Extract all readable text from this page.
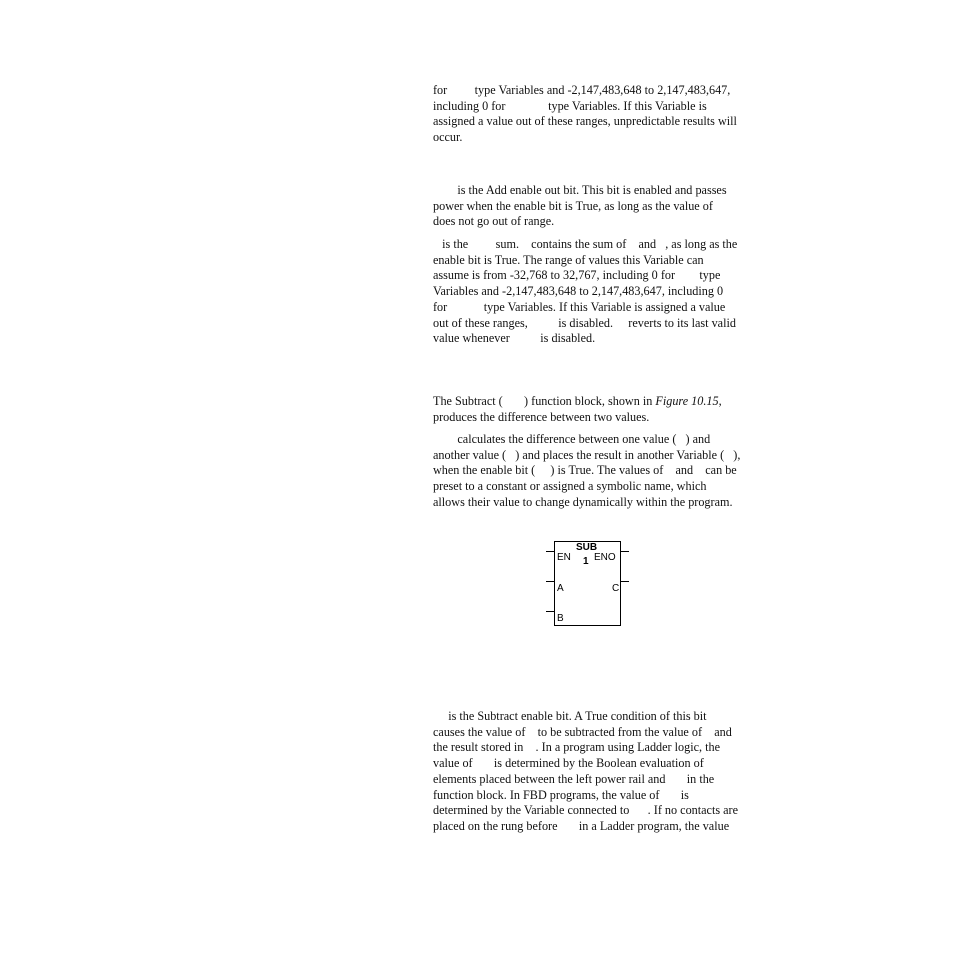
for         type Variables and -2,147,483,648 to 2,147,483,647,
including 0 for              type Variables. If this Variable is
assigned a value out of these ranges, unpredictable results will
occur.
is the Add enable out bit. This bit is enabled and passes
power when the enable bit is True, as long as the value of
does not go out of range.
is the         sum.    contains the sum of    and   , as long as the
enable bit is True. The range of values this Variable can
assume is from -32,768 to 32,767, including 0 for        type
Variables and -2,147,483,648 to 2,147,483,647, including 0
for            type Variables. If this Variable is assigned a value
out of these ranges,          is disabled.     reverts to its last valid
value whenever          is disabled.
The Subtract (       ) function block, shown in Figure 10.15,
produces the difference between two values.
calculates the difference between one value (   ) and
another value (   ) and places the result in another Variable (   ),
when the enable bit (     ) is True. The values of    and    can be
preset to a constant or assigned a symbolic name, which
allows their value to change dynamically within the program.
SUB
EN 1 ENO
A	C
B
is the Subtract enable bit. A True condition of this bit
causes the value of    to be subtracted from the value of    and
the result stored in    . In a program using Ladder logic, the
value of       is determined by the Boolean evaluation of
elements placed between the left power rail and       in the
function block. In FBD programs, the value of       is
determined by the Variable connected to      . If no contacts are
placed on the rung before       in a Ladder program, the value
